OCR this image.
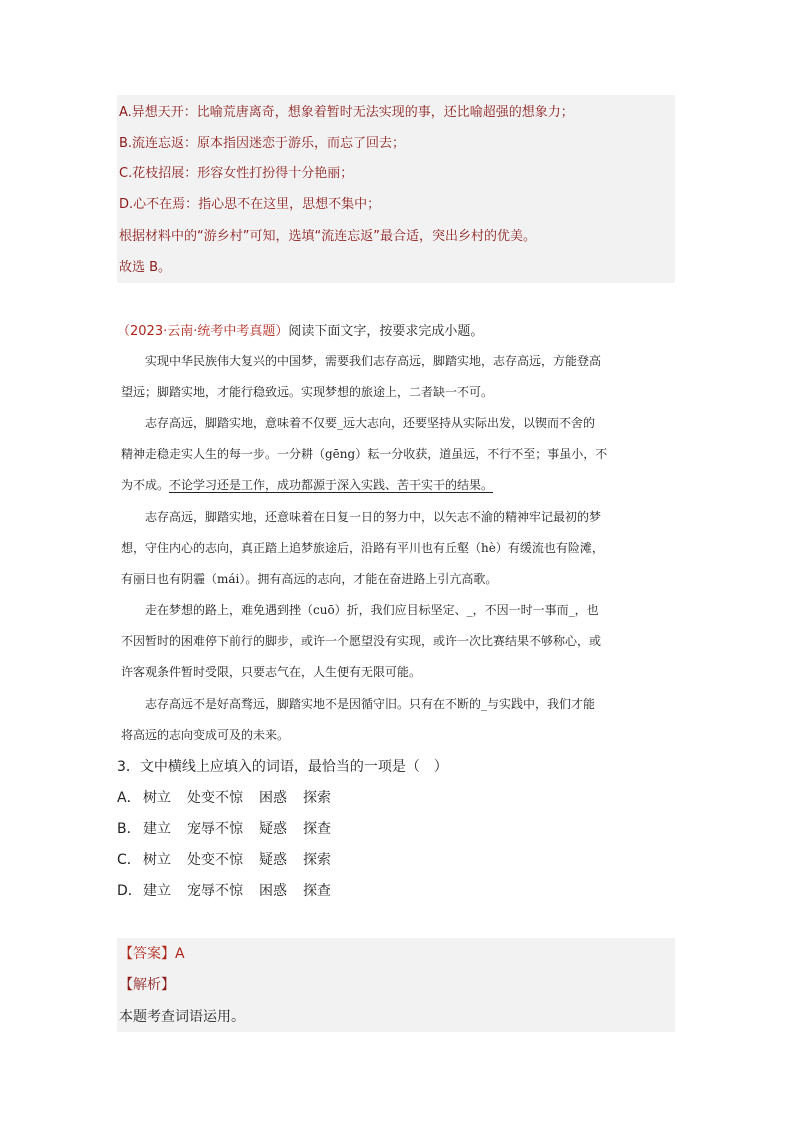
A.异想天开：比喻荒唐离奇，想象着暂时无法实现的事，还比喻超强的想象力；
B.流连忘返：原本指因迷恋于游乐，而忘了回去；
C.花枝招展：形容女性打扮得十分艳丽；
D.心不在焉：指心思不在这里，思想不集中；
根据材料中的“游乡村”可知，选填“流连忘返”最合适，突出乡村的优美。
故选 B。
（2023·云南·统考中考真题）阅读下面文字，按要求完成小题。
实现中华民族伟大复兴的中国梦，需要我们志存高远，脚踏实地，志存高远，方能登高
望远；脚踏实地，才能行稳致远。实现梦想的旅途上，二者缺一不可。
志存高远，脚踏实地，意味着不仅要_远大志向，还要坚持从实际出发，以锲而不舍的
精神走稳走实人生的每一步。一分耕（gēng）耘一分收获，道虽远，不行不至；事虽小，不
为不成。不论学习还是工作，成功都源于深入实践、苦干实干的结果。
志存高远，脚踏实地，还意味着在日复一日的努力中，以矢志不渝的精神牢记最初的梦
想，守住内心的志向，真正踏上追梦旅途后，沿路有平川也有丘壑（hè）有缓流也有险滩，
有丽日也有阴霾（mái）。拥有高远的志向，才能在奋进路上引亢高歌。
走在梦想的路上，难免遇到挫（cuō）折，我们应目标坚定、_，不因一时一事而_，也
不因暂时的困难停下前行的脚步，或许一个愿望没有实现，或许一次比赛结果不够称心，或
许客观条件暂时受限，只要志气在，人生便有无限可能。
志存高远不是好高骛远，脚踏实地不是因循守旧。只有在不断的_与实践中，我们才能
将高远的志向变成可及的未来。
3．文中横线上应填入的词语，最恰当的一项是（　）
A． 树立 处变不惊 困惑 探索
B． 建立 宠辱不惊 疑惑 探查
C． 树立 处变不惊 疑惑 探索
D．建立 宠辱不惊 困惑 探查
【答案】A
【解析】
本题考查词语运用。
